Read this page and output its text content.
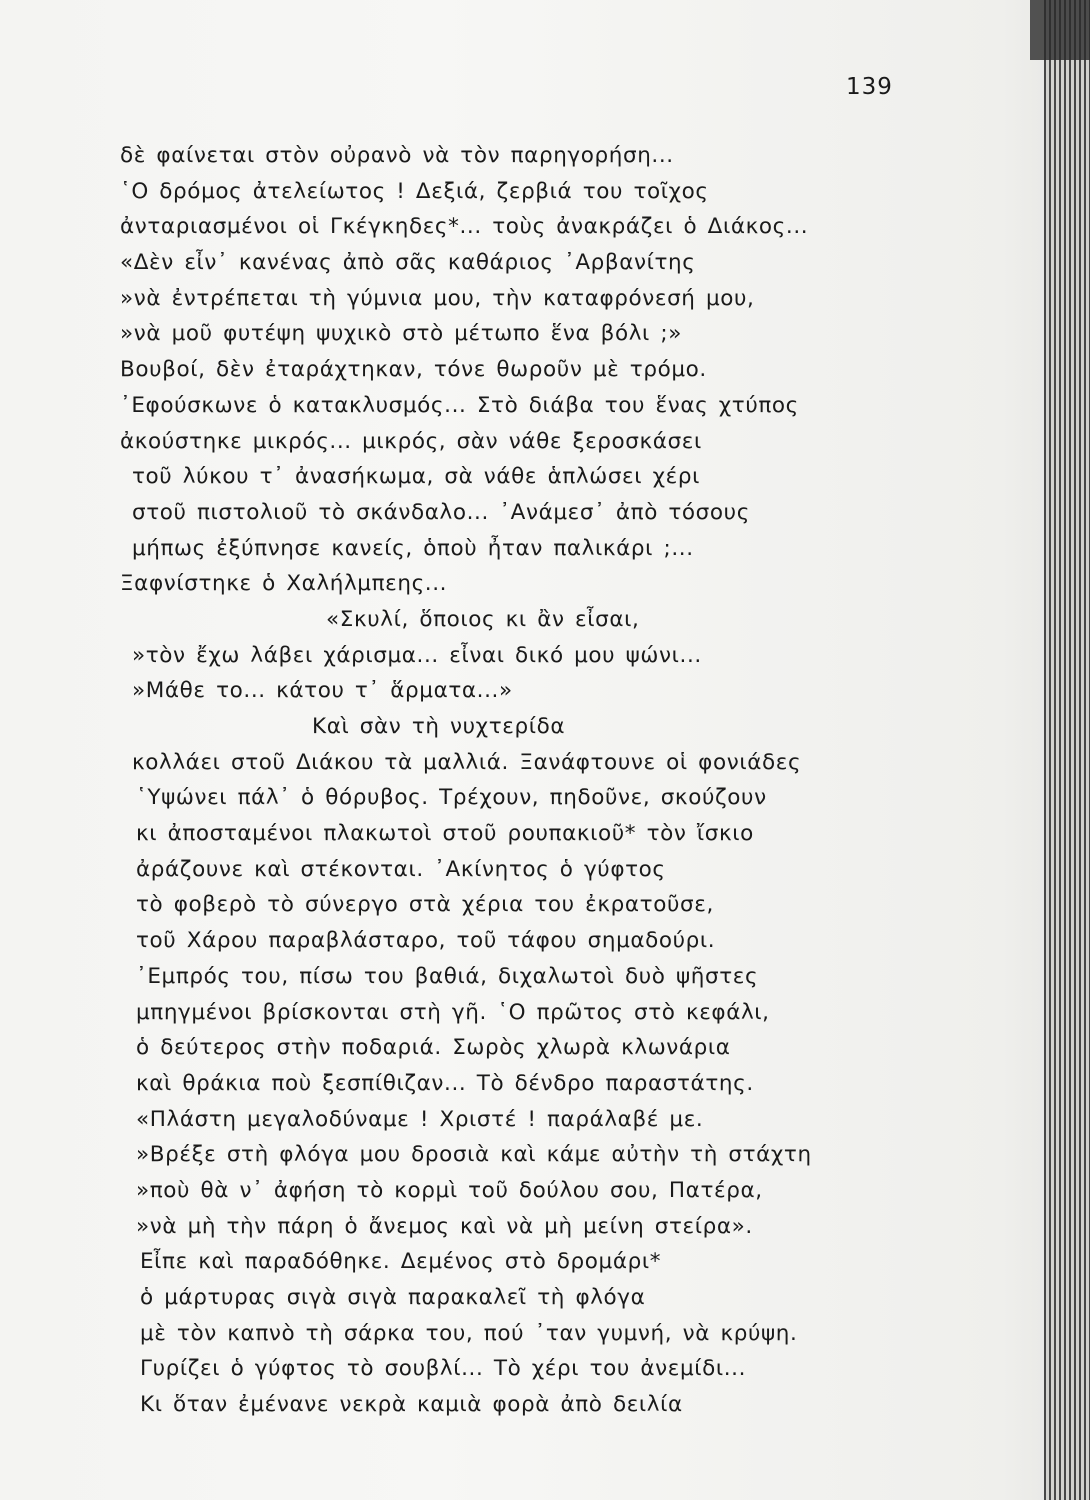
139
δὲ φαίνεται στὸν οὐρανὸ νὰ τὸν παρηγορήση...
῾Ο δρόμος ἀτελείωτος ! Δεξιά, ζερβιά του τοῖχος
ἀνταριασμένοι οἱ Γκέγκηδες*... τοὺς ἀνακράζει ὁ Διάκος...
«Δὲν εἶν᾽ κανένας ἀπὸ σᾶς καθάριος ᾽Αρβανίτης
»νὰ ἐντρέπεται τὴ γύμνια μου, τὴν καταφρόνεσή μου,
»νὰ μοῦ φυτέψη ψυχικὸ στὸ μέτωπο ἕνα βόλι ;»
Βουβοί, δὲν ἐταράχτηκαν, τόνε θωροῦν μὲ τρόμο.
᾽Εφούσκωνε ὁ κατακλυσμός... Στὸ διάβα του ἕνας χτύπος
ἀκούστηκε μικρός... μικρός, σὰν νάθε ξεροσκάσει
τοῦ λύκου τ᾽ ἀνασήκωμα, σὰ νάθε ἁπλώσει χέρι
στοῦ πιστολιοῦ τὸ σκάνδαλο... ᾽Ανάμεσ᾽ ἀπὸ τόσους
μήπως ἐξύπνησε κανείς, ὁποὺ ἦταν παλικάρι ;...
Ξαφνίστηκε ὁ Χαλήλμπεης...
«Σκυλί, ὅποιος κι ἂν εἶσαι,
»τὸν ἔχω λάβει χάρισμα... εἶναι δικό μου ψώνι...
»Μάθε το... κάτου τ᾽ ἅρματα...»
Καὶ σὰν τὴ νυχτερίδα
κολλάει στοῦ Διάκου τὰ μαλλιά. Ξανάφτουνε οἱ φονιάδες
῾Υψώνει πάλ᾽ ὁ θόρυβος. Τρέχουν, πηδοῦνε, σκούζουν
κι ἀποσταμένοι πλακωτοὶ στοῦ ρουπακιοῦ* τὸν ἴσκιο
ἀράζουνε καὶ στέκονται. ᾽Ακίνητος ὁ γύφτος
τὸ φοβερὸ τὸ σύνεργο στὰ χέρια του ἐκρατοῦσε,
τοῦ Χάρου παραβλάσταρο, τοῦ τάφου σημαδούρι.
᾽Εμπρός του, πίσω του βαθιά, διχαλωτοὶ δυὸ ψῆστες
μπηγμένοι βρίσκονται στὴ γῆ. ῾Ο πρῶτος στὸ κεφάλι,
ὁ δεύτερος στὴν ποδαριά. Σωρὸς χλωρὰ κλωνάρια
καὶ θράκια ποὺ ξεσπίθιζαν... Τὸ δένδρο παραστάτης.
«Πλάστη μεγαλοδύναμε ! Χριστέ ! παράλαβέ με.
»Βρέξε στὴ φλόγα μου δροσιὰ καὶ κάμε αὐτὴν τὴ στάχτη
»ποὺ θὰ ν᾽ ἀφήση τὸ κορμὶ τοῦ δούλου σου, Πατέρα,
»νὰ μὴ τὴν πάρη ὁ ἄνεμος καὶ νὰ μὴ μείνη στείρα».
Εἶπε καὶ παραδόθηκε. Δεμένος στὸ δρομάρι*
ὁ μάρτυρας σιγὰ σιγὰ παρακαλεῖ τὴ φλόγα
μὲ τὸν καπνὸ τὴ σάρκα του, πού ᾽ταν γυμνή, νὰ κρύψη.
Γυρίζει ὁ γύφτος τὸ σουβλί... Τὸ χέρι του ἀνεμίδι...
Κι ὅταν ἐμένανε νεκρὰ καμιὰ φορὰ ἀπὸ δειλία
